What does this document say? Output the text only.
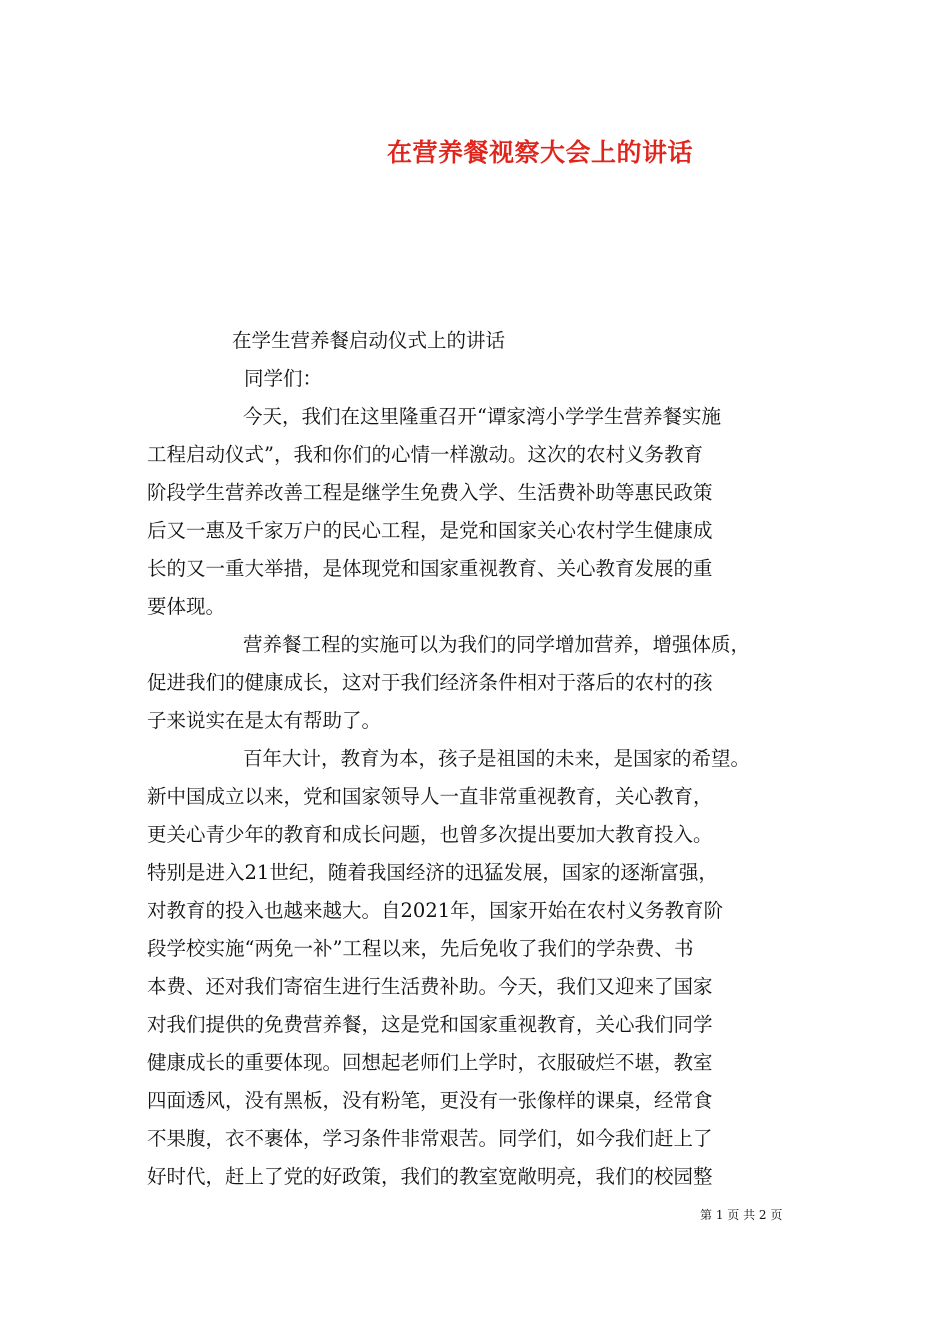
在营养餐视察大会上的讲话
在学生营养餐启动仪式上的讲话
同学们：
今天，我们在这里隆重召开“谭家湾小学学生营养餐实施
工程启动仪式”，我和你们的心情一样激动。这次的农村义务教育
阶段学生营养改善工程是继学生免费入学、生活费补助等惠民政策
后又一惠及千家万户的民心工程，是党和国家关心农村学生健康成
长的又一重大举措，是体现党和国家重视教育、关心教育发展的重
要体现。
营养餐工程的实施可以为我们的同学增加营养，增强体质，
促进我们的健康成长，这对于我们经济条件相对于落后的农村的孩
子来说实在是太有帮助了。
百年大计，教育为本，孩子是祖国的未来，是国家的希望。
新中国成立以来，党和国家领导人一直非常重视教育，关心教育，
更关心青少年的教育和成长问题，也曾多次提出要加大教育投入。
特别是进入21世纪，随着我国经济的迅猛发展，国家的逐渐富强，
对教育的投入也越来越大。自2021年，国家开始在农村义务教育阶
段学校实施“两免一补”工程以来，先后免收了我们的学杂费、书
本费、还对我们寄宿生进行生活费补助。今天，我们又迎来了国家
对我们提供的免费营养餐，这是党和国家重视教育，关心我们同学
健康成长的重要体现。回想起老师们上学时，衣服破烂不堪，教室
四面透风，没有黑板，没有粉笔，更没有一张像样的课桌，经常食
不果腹，衣不裹体，学习条件非常艰苦。同学们，如今我们赶上了
好时代，赶上了党的好政策，我们的教室宽敞明亮，我们的校园整
第 1 页 共 2 页
